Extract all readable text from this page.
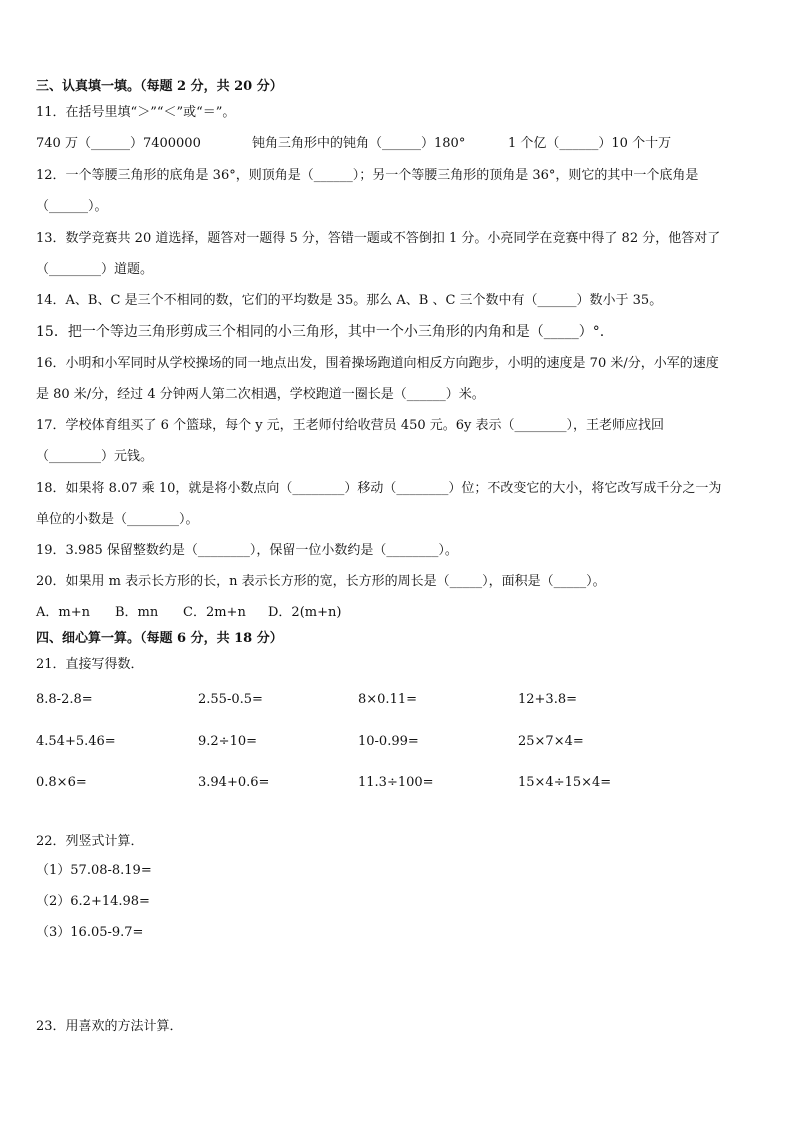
三、认真填一填。（每题 2 分，共 20 分）
11．在括号里填“＞”“＜”或“＝”。
740 万（______）7400000	钝角三角形中的钝角（______）180°	1 个亿（______）10 个十万
12．一个等腰三角形的底角是 36°，则顶角是（______）；另一个等腰三角形的顶角是 36°，则它的其中一个底角是
（______）。
13．数学竞赛共 20 道选择，题答对一题得 5 分，答错一题或不答倒扣 1 分。小亮同学在竞赛中得了 82 分，他答对了
（________）道题。
14．A、B、C 是三个不相同的数，它们的平均数是 35。那么 A、B 、C 三个数中有（______）数小于 35。
15．把一个等边三角形剪成三个相同的小三角形，其中一个小三角形的内角和是（_____）°.
16．小明和小军同时从学校操场的同一地点出发，围着操场跑道向相反方向跑步，小明的速度是 70 米/分，小军的速度
是 80 米/分，经过 4 分钟两人第二次相遇，学校跑道一圈长是（______）米。
17．学校体育组买了 6 个篮球，每个 y 元，王老师付给收营员 450 元。6y 表示（________），王老师应找回
（________）元钱。
18．如果将 8.07 乘 10，就是将小数点向（________）移动（________）位；不改变它的大小，将它改写成千分之一为
单位的小数是（________）。
19．3.985 保留整数约是（________），保留一位小数约是（________）。
20．如果用 m 表示长方形的长，n 表示长方形的宽，长方形的周长是（_____），面积是（_____）。
A．m+n B．mn C．2m+n D．2(m+n)
四、细心算一算。（每题 6 分，共 18 分）
21．直接写得数．
8.8-2.8=	2.55-0.5=	8×0.11=	12+3.8=
4.54+5.46=	9.2÷10=	10-0.99=	25×7×4=
0.8×6=	3.94+0.6=	11.3÷100=	15×4÷15×4=
22．列竖式计算．
（1）57.08-8.19=
（2）6.2+14.98=
（3）16.05-9.7=
23．用喜欢的方法计算．
